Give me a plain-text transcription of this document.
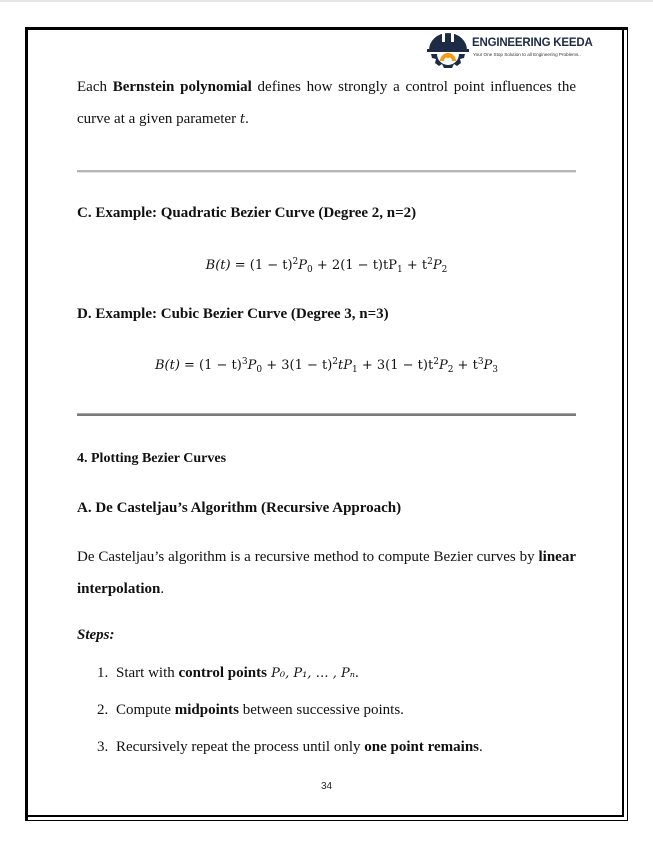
ENGINEERING KEEDA
Your One Stop Solution to all Engineering Problems..
Each Bernstein polynomial defines how strongly a control point influences the curve at a given parameter t.
C. Example: Quadratic Bezier Curve (Degree 2, n=2)
$B(t) = (1 - t)^2P_0 + 2(1 - t)tP_1 + t^2P_2$
D. Example: Cubic Bezier Curve (Degree 3, n=3)
$B(t) = (1 - t)^3P_0 + 3(1 - t)^2tP_1 + 3(1 - t)t^2P_2 + t^3P_3$
4. Plotting Bezier Curves
A. De Casteljau’s Algorithm (Recursive Approach)
De Casteljau’s algorithm is a recursive method to compute Bezier curves by linear interpolation.
Steps:
1. Start with control points P₀, P₁, … , Pₙ.
2. Compute midpoints between successive points.
3. Recursively repeat the process until only one point remains.
34
